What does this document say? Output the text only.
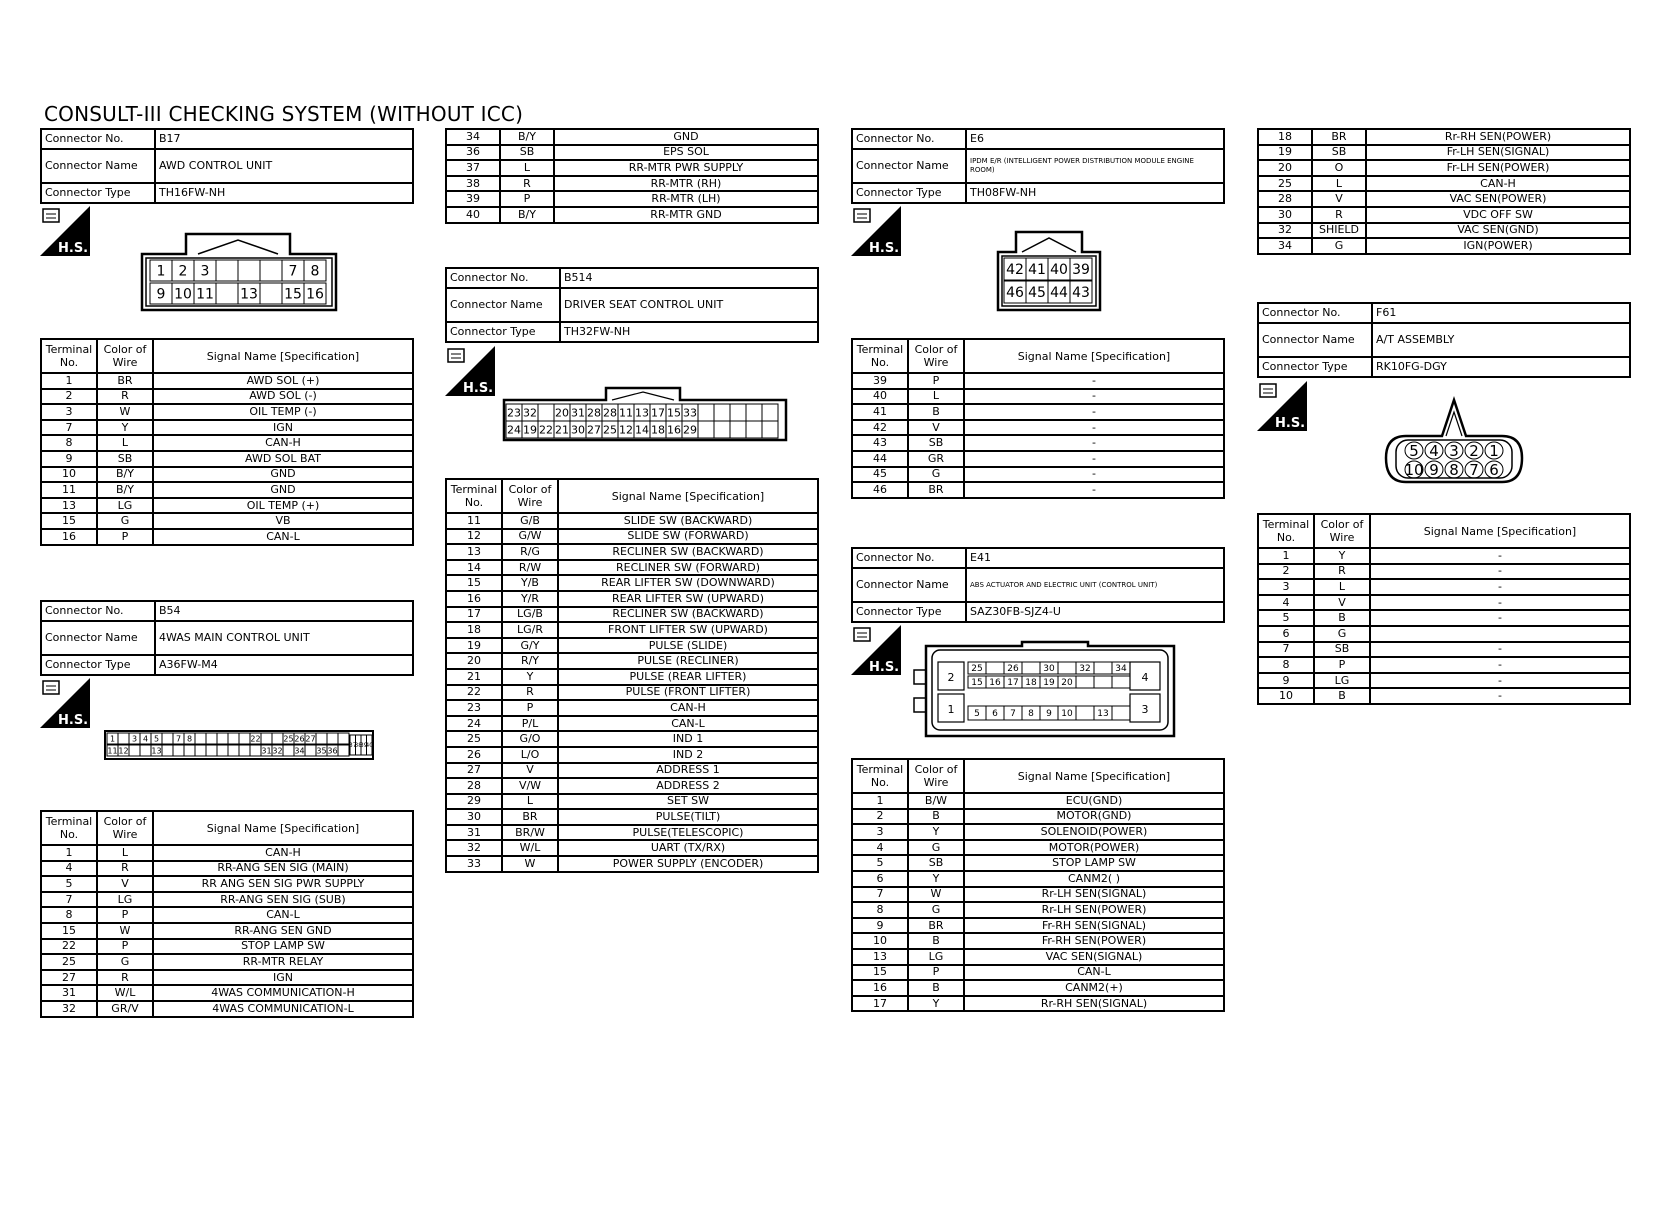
CONSULT-III CHECKING SYSTEM (WITHOUT ICC)
Connector No.	B17
Connector Name	AWD CONTROL UNIT
Connector Type	TH16FW-NH
H.S.
1 2 3	7 8
9 10 11 13 15 16
Terminal No.	Color of Wire	Signal Name [Specification]
1	BR	AWD SOL (+)
2	R	AWD SOL (-)
3	W	OIL TEMP (-)
7	Y	IGN
8	L	CAN-H
9	SB	AWD SOL BAT
10	B/Y	GND
11	B/Y	GND
13	LG	OIL TEMP (+)
15	G	VB
16	P	CAN-L
Connector No.	B54
Connector Name	4WAS MAIN CONTROL UNIT
Connector Type	A36FW-M4
H.S.
1 3 4 5 7 8	22	25 26 27
11 12	13	31 32 34 35 36
37
38
39
40
Terminal No.	Color of Wire	Signal Name [Specification]
1	L	CAN-H
4	R	RR-ANG SEN SIG (MAIN)
5	V	RR ANG SEN SIG PWR SUPPLY
7	LG	RR-ANG SEN SIG (SUB)
8	P	CAN-L
15	W	RR-ANG SEN GND
22	P	STOP LAMP SW
25	G	RR-MTR RELAY
27	R	IGN
31	W/L	4WAS COMMUNICATION-H
32	GR/V	4WAS COMMUNICATION-L
34	B/Y	GND
36	SB	EPS SOL
37	L	RR-MTR PWR SUPPLY
38	R	RR-MTR (RH)
39	P	RR-MTR (LH)
40	B/Y	RR-MTR GND
Connector No.	B514
Connector Name	DRIVER SEAT CONTROL UNIT
Connector Type	TH32FW-NH
H.S.
23 32 20 31 28 28 11 13 17 15 33
24 19 22 21 30 27 25 12 14 18 16 29
Terminal No.	Color of Wire	Signal Name [Specification]
11	G/B	SLIDE SW (BACKWARD)
12	G/W	SLIDE SW (FORWARD)
13	R/G	RECLINER SW (BACKWARD)
14	R/W	RECLINER SW (FORWARD)
15	Y/B	REAR LIFTER SW (DOWNWARD)
16	Y/R	REAR LIFTER SW (UPWARD)
17	LG/B	RECLINER SW (BACKWARD)
18	LG/R	FRONT LIFTER SW (UPWARD)
19	G/Y	PULSE (SLIDE)
20	R/Y	PULSE (RECLINER)
21	Y	PULSE (REAR LIFTER)
22	R	PULSE (FRONT LIFTER)
23	P	CAN-H
24	P/L	CAN-L
25	G/O	IND 1
26	L/O	IND 2
27	V	ADDRESS 1
28	V/W	ADDRESS 2
29	L	SET SW
30	BR	PULSE(TILT)
31	BR/W	PULSE(TELESCOPIC)
32	W/L	UART (TX/RX)
33	W	POWER SUPPLY (ENCODER)
Connector No.	E6
Connector Name	IPDM E/R (INTELLIGENT POWER DISTRIBUTION MODULE ENGINE ROOM)
Connector Type	TH08FW-NH
H.S.
42 41 40 39
46 45 44 43
Terminal No.	Color of Wire	Signal Name [Specification]
39	P	-
40	L	-
41	B	-
42	V	-
43	SB	-
44	GR	-
45	G	-
46	BR	-
Connector No.	E41
Connector Name	ABS ACTUATOR AND ELECTRIC UNIT (CONTROL UNIT)
Connector Type	SAZ30FB-SJZ4-U
H.S.
2
1
4
3
25	26	30	32	34
15 16 17 18 19 20
5 6 7 8 9 10	13
Terminal No.	Color of Wire	Signal Name [Specification]
1	B/W	ECU(GND)
2	B	MOTOR(GND)
3	Y	SOLENOID(POWER)
4	G	MOTOR(POWER)
5	SB	STOP LAMP SW
6	Y	CANM2( )
7	W	Rr-LH SEN(SIGNAL)
8	G	Rr-LH SEN(POWER)
9	BR	Fr-RH SEN(SIGNAL)
10	B	Fr-RH SEN(POWER)
13	LG	VAC SEN(SIGNAL)
15	P	CAN-L
16	B	CANM2(+)
17	Y	Rr-RH SEN(SIGNAL)
18	BR	Rr-RH SEN(POWER)
19	SB	Fr-LH SEN(SIGNAL)
20	O	Fr-LH SEN(POWER)
25	L	CAN-H
28	V	VAC SEN(POWER)
30	R	VDC OFF SW
32	SHIELD	VAC SEN(GND)
34	G	IGN(POWER)
Connector No.	F61
Connector Name	A/T ASSEMBLY
Connector Type	RK10FG-DGY
H.S.
5 4 3 2 1
10 9 8 7 6
Terminal No.	Color of Wire	Signal Name [Specification]
1	Y	-
2	R	-
3	L	-
4	V	-
5	B	-
6	G	
7	SB	-
8	P	-
9	LG	-
10	B	-
